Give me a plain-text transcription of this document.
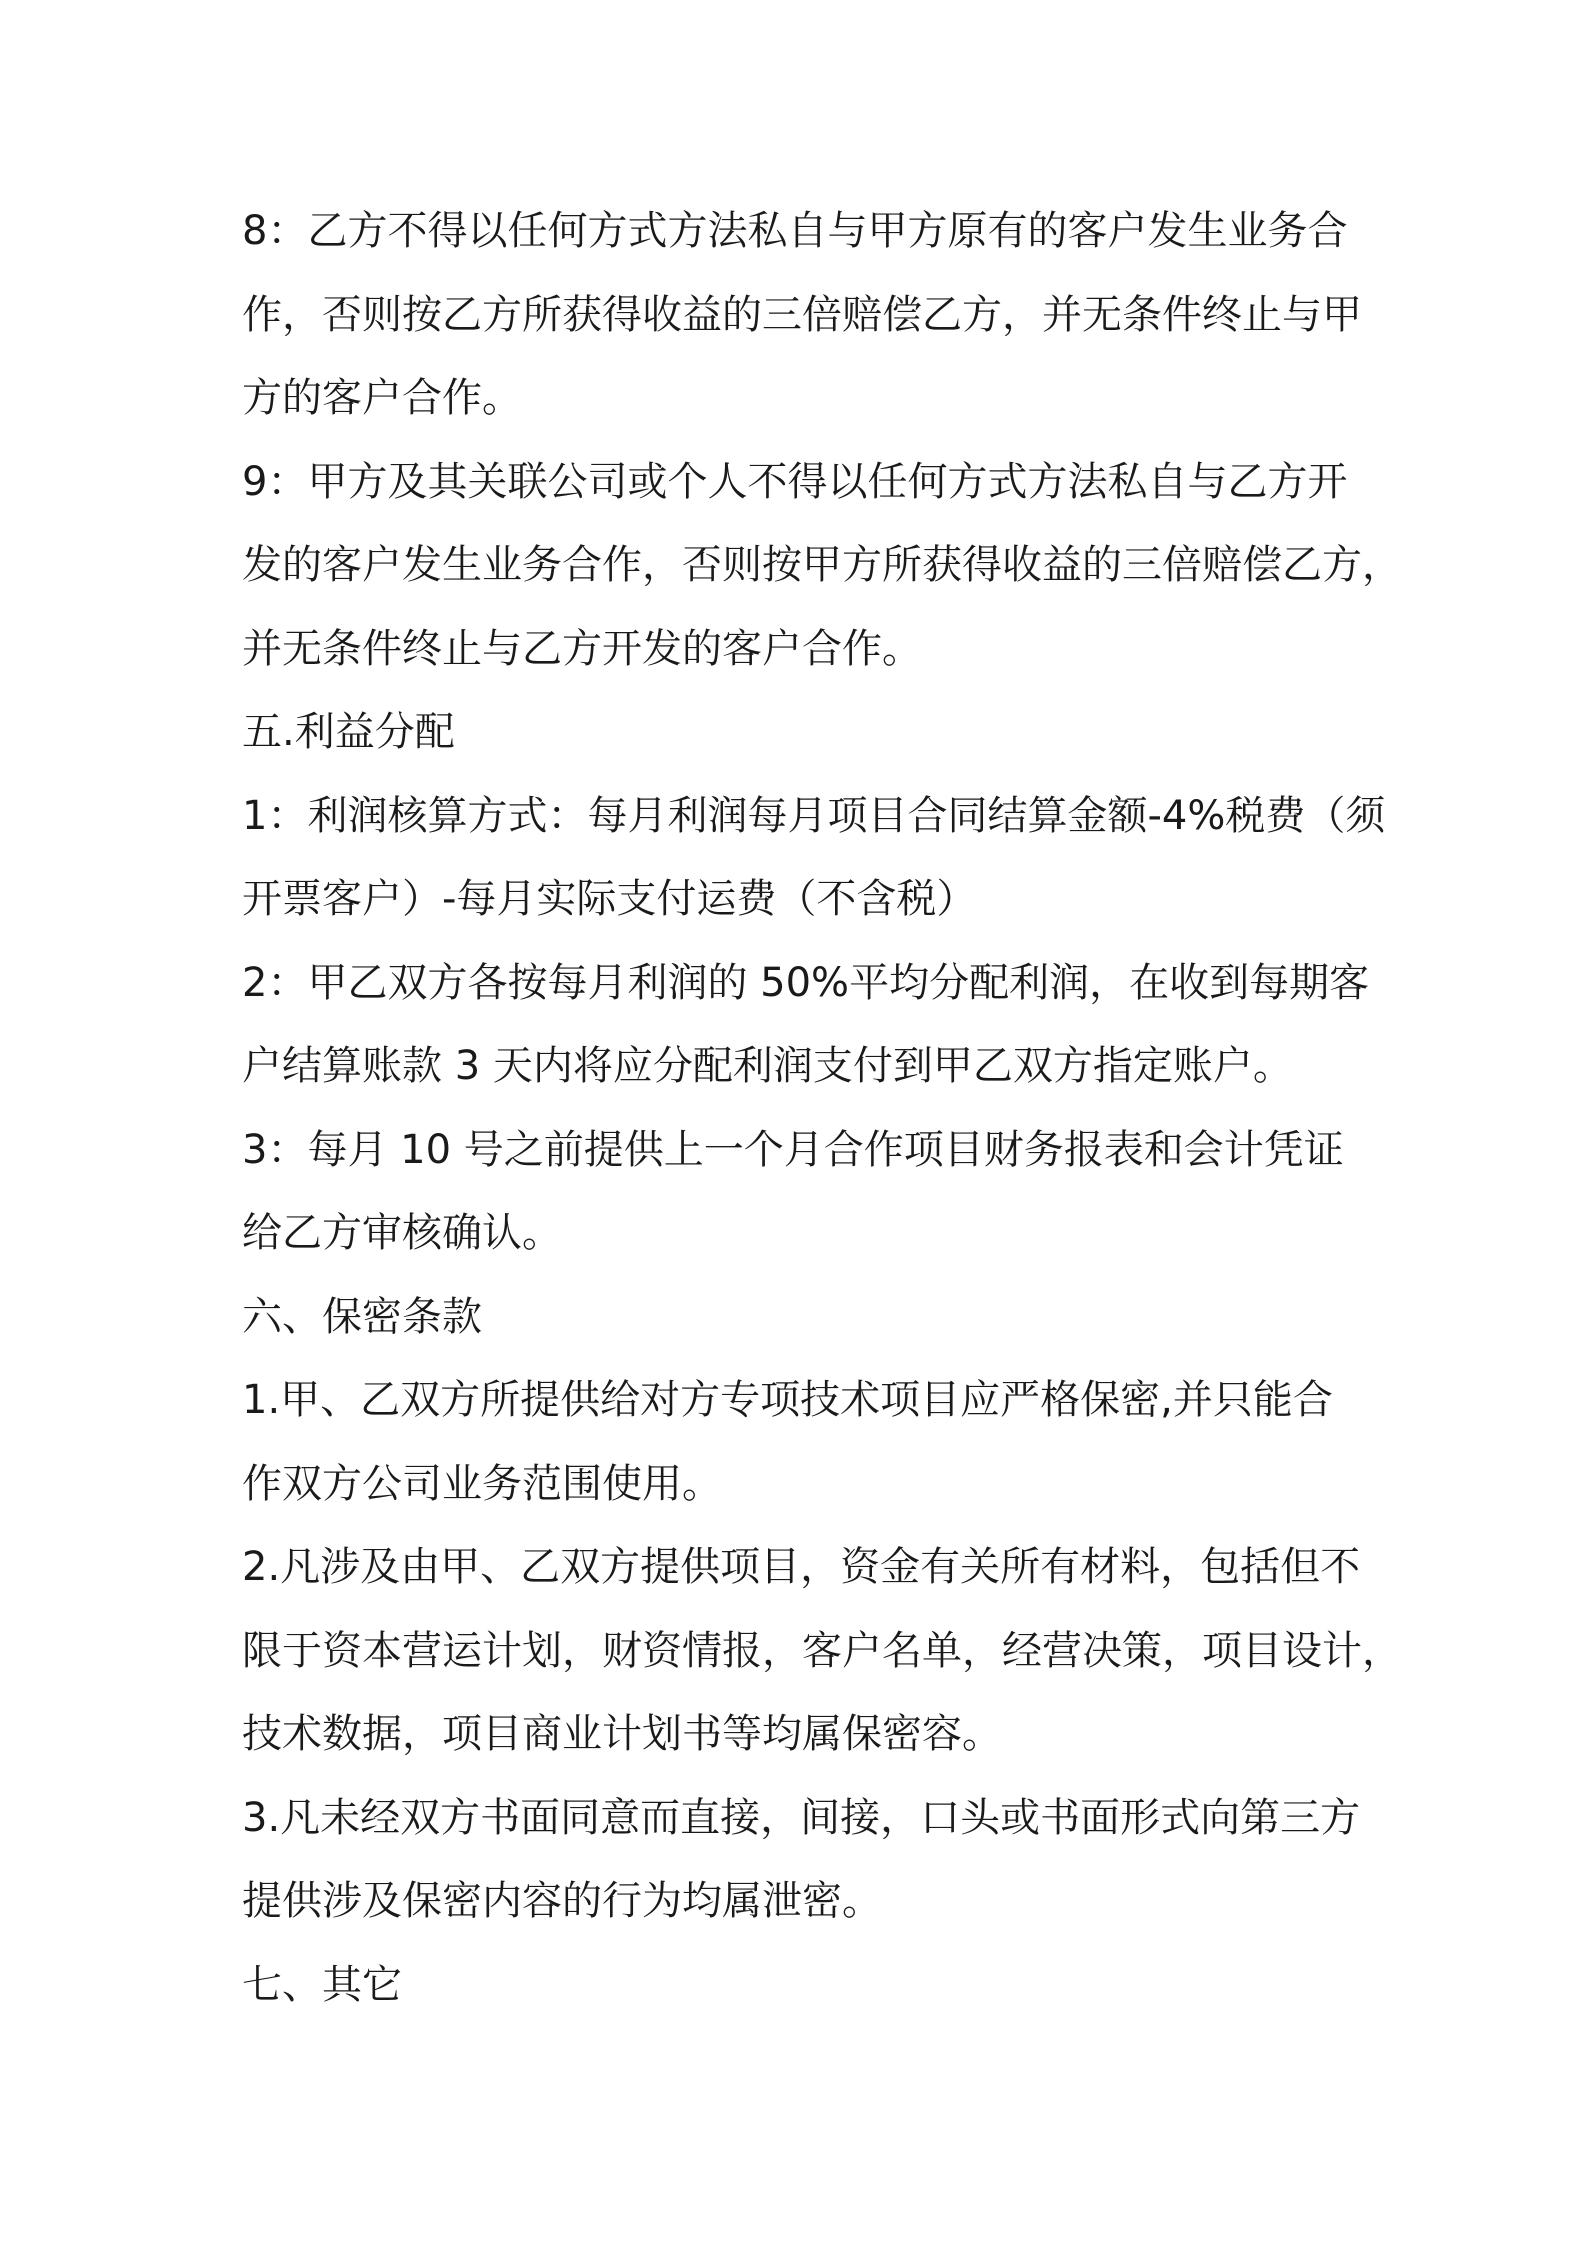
8：乙方不得以任何方式方法私自与甲方原有的客户发生业务合

作，否则按乙方所获得收益的三倍赔偿乙方，并无条件终止与甲

方的客户合作。

9：甲方及其关联公司或个人不得以任何方式方法私自与乙方开

发的客户发生业务合作，否则按甲方所获得收益的三倍赔偿乙方，

并无条件终止与乙方开发的客户合作。

五.利益分配

1：利润核算方式：每月利润每月项目合同结算金额-4%税费（须

开票客户）-每月实际支付运费（不含税）

2：甲乙双方各按每月利润的 50%平均分配利润，在收到每期客

户结算账款 3 天内将应分配利润支付到甲乙双方指定账户。

3：每月 10 号之前提供上一个月合作项目财务报表和会计凭证

给乙方审核确认。

六、保密条款

1.甲、乙双方所提供给对方专项技术项目应严格保密,并只能合

作双方公司业务范围使用。

2.凡涉及由甲、乙双方提供项目，资金有关所有材料，包括但不

限于资本营运计划，财资情报，客户名单，经营决策，项目设计，

技术数据，项目商业计划书等均属保密容。

3.凡未经双方书面同意而直接，间接，口头或书面形式向第三方

提供涉及保密内容的行为均属泄密。

七、其它
